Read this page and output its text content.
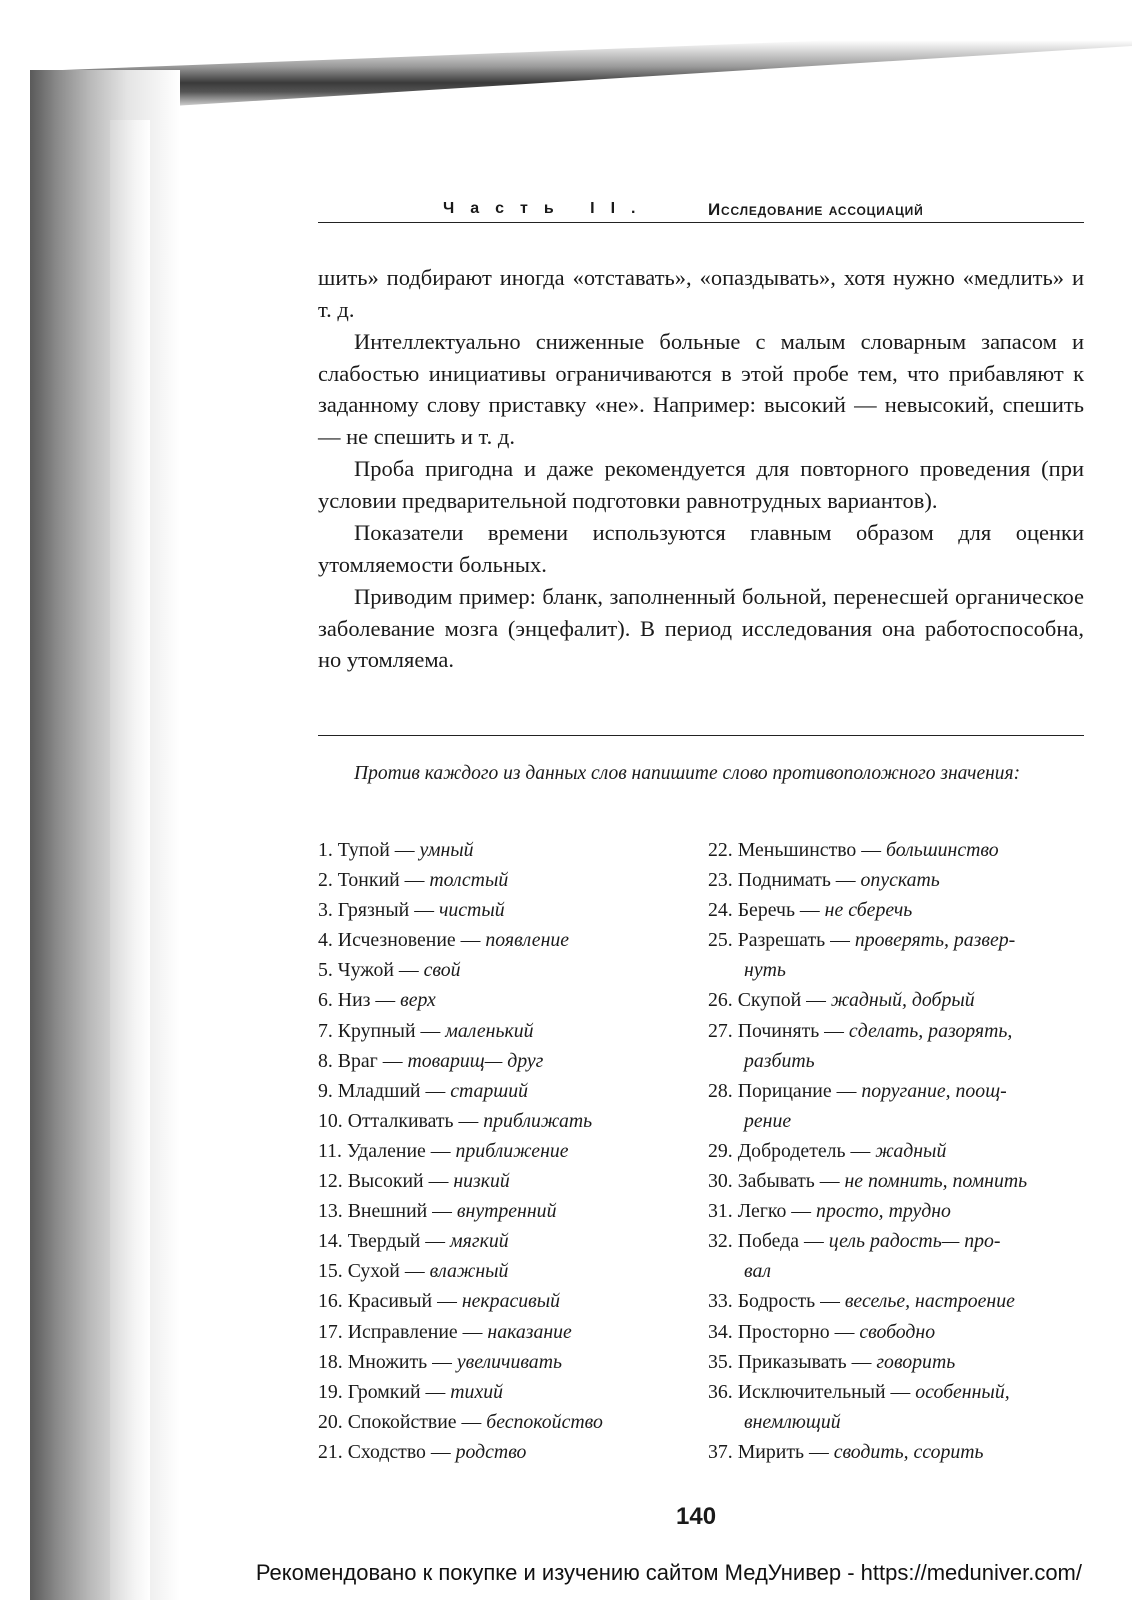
Часть II.	Исследование ассоциаций

шить» подбирают иногда «отставать», «опаздывать», хотя нужно «медлить» и т. д.

Интеллектуально сниженные больные с малым словарным запасом и слабостью инициативы ограничиваются в этой пробе тем, что прибавляют к заданному слову приставку «не». Например: высокий — невысокий, спешить — не спешить и т. д.

Проба пригодна и даже рекомендуется для повторного проведения (при условии предварительной подготовки равнотрудных вариантов).

Показатели времени используются главным образом для оценки утомляемости больных.

Приводим пример: бланк, заполненный больной, перенесшей органическое заболевание мозга (энцефалит). В период исследования она работоспособна, но утомляема.

Против каждого из данных слов напишите слово противоположного значения:
1. Тупой — умный
2. Тонкий — толстый
3. Грязный — чистый
4. Исчезновение — появление
5. Чужой — свой
6. Низ — верх
7. Крупный — маленький
8. Враг — товарищ— друг
9. Младший — старший
10. Отталкивать — приближать
11. Удаление — приближение
12. Высокий — низкий
13. Внешний — внутренний
14. Твердый — мягкий
15. Сухой — влажный
16. Красивый — некрасивый
17. Исправление — наказание
18. Множить — увеличивать
19. Громкий — тихий
20. Спокойствие — беспокойство
21. Сходство — родство
22. Меньшинство — большинство
23. Поднимать — опускать
24. Беречь — не сберечь
25. Разрешать — проверять, развер-
нуть
26. Скупой — жадный, добрый
27. Починять — сделать, разорять,
разбить
28. Порицание — поругание, поощ-
рение
29. Добродетель — жадный
30. Забывать — не помнить, помнить
31. Легко — просто, трудно
32. Победа — цель радость— про-
вал
33. Бодрость — веселье, настроение
34. Просторно — свободно
35. Приказывать — говорить
36. Исключительный — особенный,
внемлющий
37. Мирить — сводить, ссорить
140
Рекомендовано к покупке и изучению сайтом МедУнивер - https://meduniver.com/
